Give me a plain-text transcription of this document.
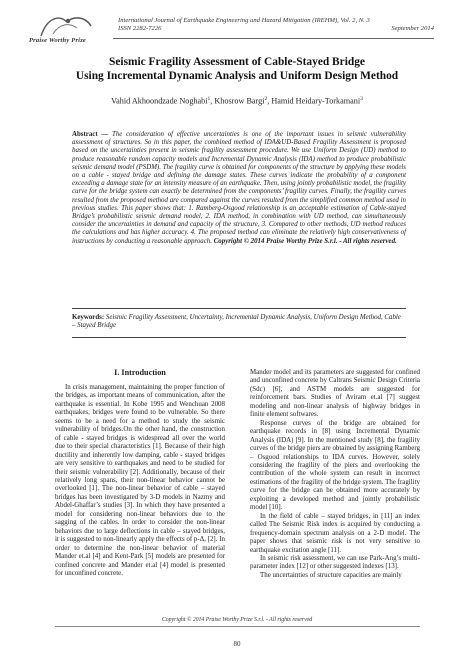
Praise Worthy Prize
International Journal of Earthquake Engineering and Hazard Mitigation (IREHM), Vol. 2, N. 3
ISSN 2282-7226	September 2014
Seismic Fragility Assessment of Cable-Stayed Bridge
Using Incremental Dynamic Analysis and Uniform Design Method
Vahid Akhoondzade Noghabi$^1$, Khosrow Bargi$^2$, Hamid Heidary-Torkamani$^3$
Abstract — The consideration of effective uncertainties is one of the important issues in seismic vulnerability assessment of structures. So in this paper, the combined method of IDA&UD-Based Fragility Assessment is proposed based on the uncertainties present in seismic fragility assessment procedure. We use Uniform Design (UD) method to produce reasonable random capacity models and Incremental Dynamic Analysis (IDA) method to produce probabilistic seismic demand model (PSDM). The fragility curve is obtained for components of the structure by applying these models on a cable - stayed bridge and defining the damage states. These curves indicate the probability of a component exceeding a damage state for an intensity measure of an earthquake. Then, using jointly probabilistic model, the fragility curve for the bridge system can exactly be determined from the components’ fragility curves. Finally, the fragility curves resulted from the proposed method are compared against the curves resulted from the simplified common method used in previous studies. This paper shows that: 1. Ramberg-Osgood relationship is an acceptable estimation of Cable-stayed Bridge’s probabilistic seismic demand model, 2. IDA method, in combination with UD method, can simultaneously consider the uncertainties in demand and capacity of the structure, 3. Compared to other methods, UD method reduces the calculations and has higher accuracy. 4. The proposed method can eliminate the relatively high conservativeness of instructions by conducting a reasonable approach. Copyright © 2014 Praise Worthy Prize S.r.l. - All rights reserved.
Keywords: Seismic Fragility Assessment, Uncertainty, Incremental Dynamic Analysis, Uniform Design Method, Cable – Stayed Bridge
I. Introduction

In crisis management, maintaining the proper function of the bridges, as important means of communication, after the earthquake is essential. In Kobe 1995 and Wenchuan 2008 earthquakes, bridges were found to be vulnerable. So there seems to be a need for a method to study the seismic vulnerability of bridges.On the other hand, the construction of cable - stayed bridges is widespread all over the world due to their special characteristics [1]. Because of their high ductility and inherently low damping, cable - stayed bridges are very sensitive to earthquakes and need to be studied for their seismic vulnerability [2]. Additionally, because of their relatively long spans, their non-linear behavior cannot be overlooked [1]. The non-linear behavior of cable – stayed bridges has been investigated by 3-D models in Nazmy and Abdel-Ghaffar’s studies [3]. In which they have presented a model for considering non-linear behaviors due to the sagging of the cables. In order to consider the non-linear behaviors due to large deflections in cable – stayed bridges, it is suggested to non-linearly apply the effects of p-Δ, [2]. In order to determine the non-linear behavior of material Mander et.al [4] and Kent-Park [5] models are presented for confined concrete and Mander et.al [4] model is presented for unconfined concrete.

Mander model and its parameters are suggested for confined and unconfined concrete by Caltrans Seismic Design Criteria (Sdc) [6], and ASTM models are suggested for reinforcement bars. Studies of Aviram et.al [7] suggest modeling and non-linear analysis of highway bridges in finite element softwares.

Response curves of the bridge are obtained for earthquake records in [8] using Incremental Dynamic Analysis (IDA) [9]. In the mentioned study [8], the fragility curves of the bridge piers are obtained by assigning Ramberg – Osgood relationships to IDA curves. However, solely considering the fragility of the piers and overlooking the contribution of the whole system can result in incorrect estimations of the fragility of the bridge system. The fragility curve for the bridge can be obtained more accurately by exploiting a developed method and jointly probabilistic model [10].

In the field of cable – stayed bridges, in [11] an index called The Seismic Risk index is acquired by conducting a frequency-domain spectrum analysis on a 2-D model. The paper shows that seismic risk is not very sensitive to earthquake excitation angle [11].

In seismic risk assessment, we can use Park-Ang’s multi-parameter index [12] or other suggested indexes [13].

The uncertainties of structure capacities are mainly

Copyright © 2014 Praise Worthy Prize S.r.l. - All rights reserved
80
